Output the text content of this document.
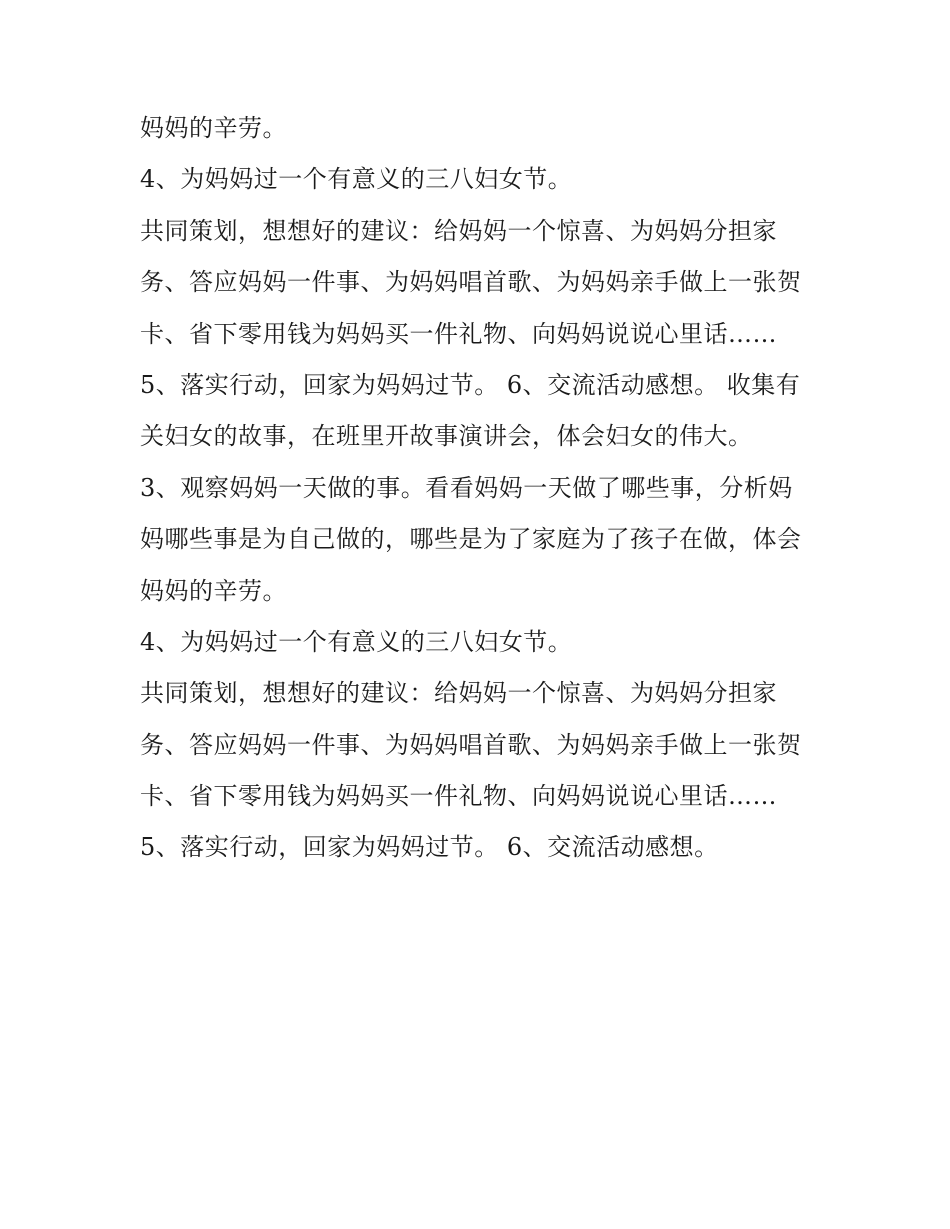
妈妈的辛劳。
4、为妈妈过一个有意义的三八妇女节。
共同策划，想想好的建议：给妈妈一个惊喜、为妈妈分担家
务、答应妈妈一件事、为妈妈唱首歌、为妈妈亲手做上一张贺
卡、省下零用钱为妈妈买一件礼物、向妈妈说说心里话……
5、落实行动，回家为妈妈过节。 6、交流活动感想。 收集有
关妇女的故事，在班里开故事演讲会，体会妇女的伟大。
3、观察妈妈一天做的事。看看妈妈一天做了哪些事，分析妈
妈哪些事是为自己做的，哪些是为了家庭为了孩子在做，体会
妈妈的辛劳。
4、为妈妈过一个有意义的三八妇女节。
共同策划，想想好的建议：给妈妈一个惊喜、为妈妈分担家
务、答应妈妈一件事、为妈妈唱首歌、为妈妈亲手做上一张贺
卡、省下零用钱为妈妈买一件礼物、向妈妈说说心里话……
5、落实行动，回家为妈妈过节。 6、交流活动感想。
